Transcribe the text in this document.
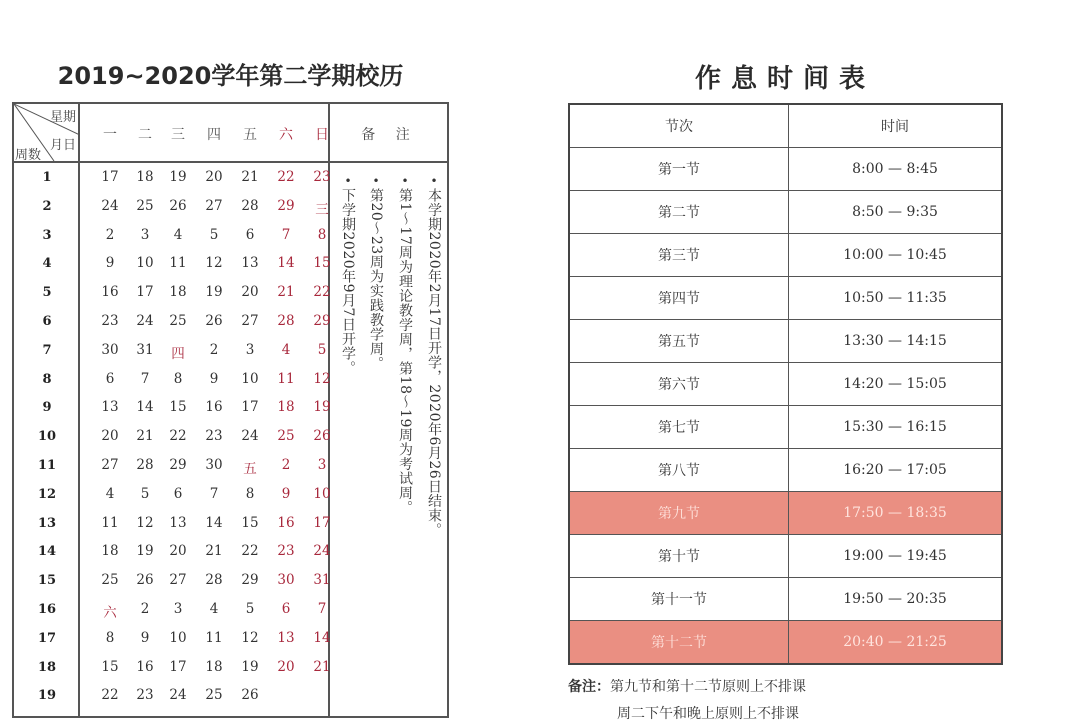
2019~2020学年第二学期校历
星期
月日
周数
一	二	三	四	五	六	日	备 注
1	17	18	19	20	21	22	23
2	24	25	26	27	28	29	三
3	2	3	4	5	6	7	8
4	9	10	11	12	13	14	15
5	16	17	18	19	20	21	22
6	23	24	25	26	27	28	29
7	30	31	四	2	3	4	5
8	6	7	8	9	10	11	12
9	13	14	15	16	17	18	19
10	20	21	22	23	24	25	26
11	27	28	29	30	五	2	3
12	4	5	6	7	8	9	10
13	11	12	13	14	15	16	17
14	18	19	20	21	22	23	24
15	25	26	27	28	29	30	31
16	六	2	3	4	5	6	7
17	8	9	10	11	12	13	14
18	15	16	17	18	19	20	21
19	22	23	24	25	26
•
本学期2020年2月17日开学，2020年6月26日结束。
•
第1～17周为理论教学周，第18～19周为考试周。
•
第20～23周为实践教学周。
•
下学期2020年9月7日开学。
作息时间表
节次	时间
第一节	8:00 — 8:45
第二节	8:50 — 9:35
第三节	10:00 — 10:45
第四节	10:50 — 11:35
第五节	13:30 — 14:15
第六节	14:20 — 15:05
第七节	15:30 — 16:15
第八节	16:20 — 17:05
第九节	17:50 — 18:35
第十节	19:00 — 19:45
第十一节	19:50 — 20:35
第十二节	20:40 — 21:25
备注：第九节和第十二节原则上不排课
周二下午和晚上原则上不排课
